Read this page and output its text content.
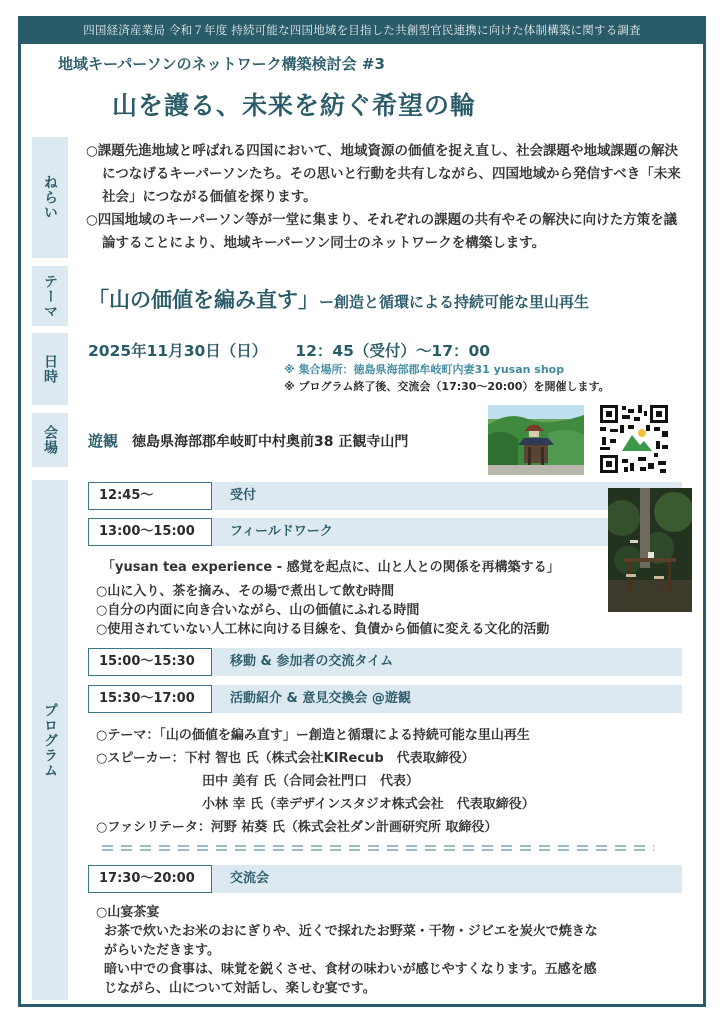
四国経済産業局 令和７年度 持続可能な四国地域を目指した共創型官民連携に向けた体制構築に関する調査
地域キーパーソンのネットワーク構築検討会 #3
山を護る、未来を紡ぐ希望の輪
ねらい

○課題先進地域と呼ばれる四国において、地域資源の価値を捉え直し、社会課題や地域課題の解決につなげるキーパーソンたち。その思いと行動を共有しながら、四国地域から発信すべき「未来社会」につながる価値を探ります。

○四国地域のキーパーソン等が一堂に集まり、それぞれの課題の共有やその解決に向けた方策を議論することにより、地域キーパーソン同士のネットワークを構築します。

テーマ	「山の価値を編み直す」ー創造と循環による持続可能な里山再生
日時
2025年11月30日（日） 12：45（受付）～17：00
※ 集合場所：徳島県海部郡牟岐町内妻31 yusan shop
※ プログラム終了後、交流会（17:30～20:00）を開催します。
会場	遊観 徳島県海部郡牟岐町中村奥前38 正観寺山門
プログラム
12:45～	受付
13:00～15:00	フィールドワーク
「yusan tea experience - 感覚を起点に、山と人との関係を再構築する」

○山に入り、茶を摘み、その場で煮出して飲む時間

○自分の内面に向き合いながら、山の価値にふれる時間

○使用されていない人工林に向ける目線を、負債から価値に変える文化的活動

15:00～15:30	移動 & 参加者の交流タイム
15:30～17:00	活動紹介 & 意見交換会 @遊観

○テーマ：「山の価値を編み直す」ー創造と循環による持続可能な里山再生

○スピーカー：下村 智也 氏（株式会社KIRecub　代表取締役）

田中 美有 氏（合同会社門口　代表）

小林 幸 氏（幸デザインスタジオ株式会社　代表取締役）

○ファシリテータ：河野 祐葵 氏（株式会社ダン計画研究所 取締役）

17:30～20:00	交流会

○山宴茶宴

お茶で炊いたお米のおにぎりや、近くで採れたお野菜・干物・ジビエを炭火で焼きな

がらいただきます。

暗い中での食事は、味覚を鋭くさせ、食材の味わいが感じやすくなります。五感を感

じながら、山について対話し、楽しむ宴です。
